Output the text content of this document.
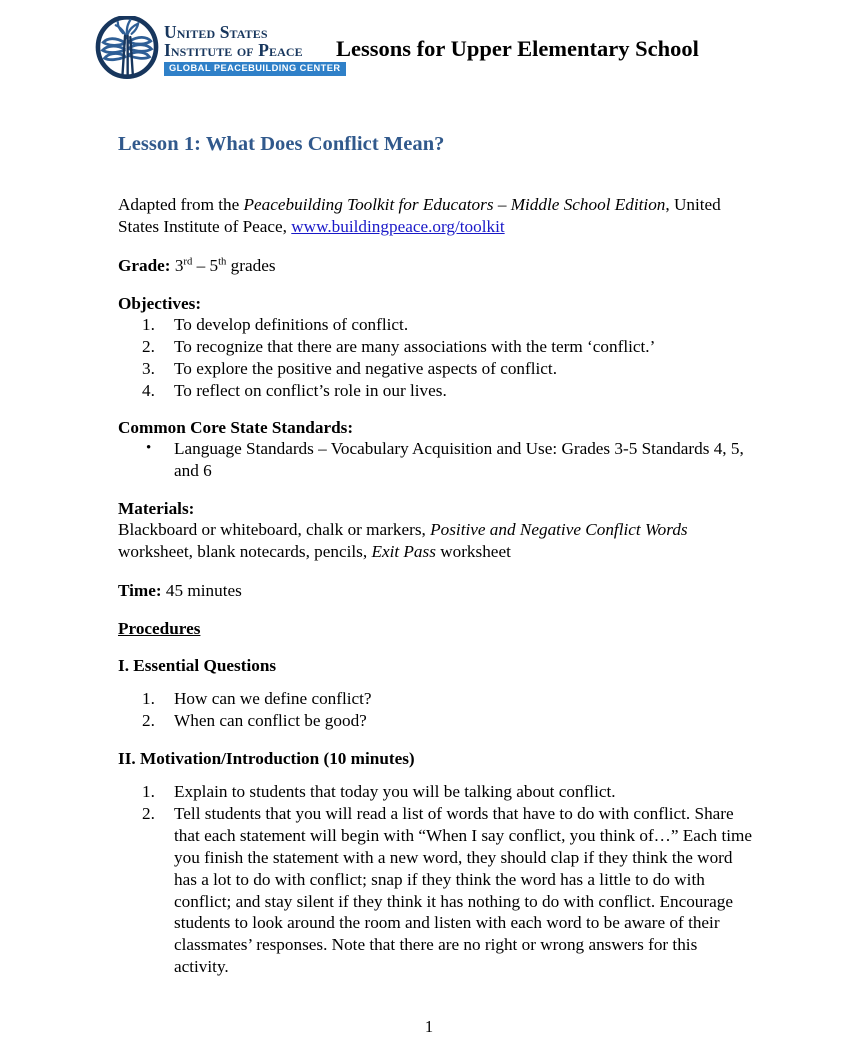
United States
Institute of Peace
GLOBAL PEACEBUILDING CENTER
Lessons for Upper Elementary School
Lesson 1: What Does Conflict Mean?

Adapted from the Peacebuilding Toolkit for Educators – Middle School Edition, United States Institute of Peace, www.buildingpeace.org/toolkit

Grade: 3rd – 5th grades

Objectives:

1.	To develop definitions of conflict.
2.	To recognize that there are many associations with the term ‘conflict.’
3.	To explore the positive and negative aspects of conflict.
4.	To reflect on conflict’s role in our lives.

Common Core State Standards:

• Language Standards – Vocabulary Acquisition and Use: Grades 3-5 Standards 4, 5, and 6

Materials:

Blackboard or whiteboard, chalk or markers, Positive and Negative Conflict Words worksheet, blank notecards, pencils, Exit Pass worksheet

Time: 45 minutes

Procedures

I. Essential Questions

1.	How can we define conflict?
2.	When can conflict be good?

II. Motivation/Introduction (10 minutes)

1.	Explain to students that today you will be talking about conflict.
2.	Tell students that you will read a list of words that have to do with conflict. Share that each statement will begin with “When I say conflict, you think of…” Each time you finish the statement with a new word, they should clap if they think the word has a lot to do with conflict; snap if they think the word has a little to do with conflict; and stay silent if they think it has nothing to do with conflict. Encourage students to look around the room and listen with each word to be aware of their classmates’ responses. Note that there are no right or wrong answers for this activity.
1
